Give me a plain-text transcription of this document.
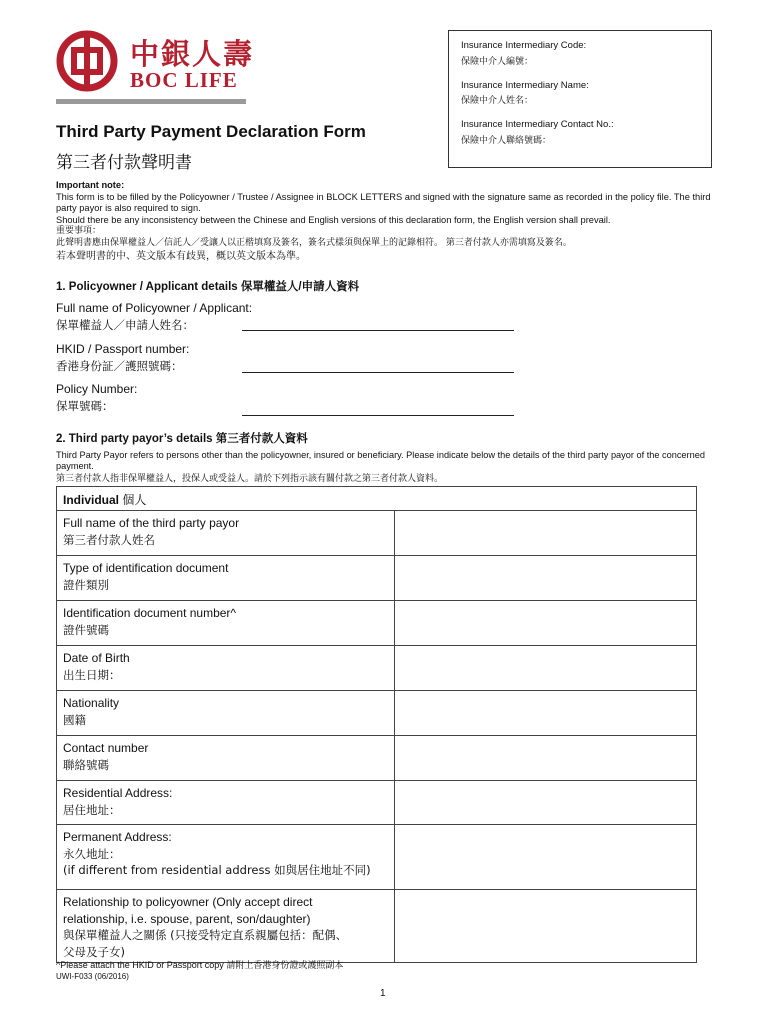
中銀人壽
BOC LIFE
Insurance Intermediary Code:
保險中介人編號：
Insurance Intermediary Name:
保險中介人姓名：
Insurance Intermediary Contact No.:
保險中介人聯絡號碼：
Third Party Payment Declaration Form
第三者付款聲明書
Important note:
This form is to be filled by the Policyowner / Trustee / Assignee in BLOCK LETTERS and signed with the signature same as recorded in the policy file. The third party payor is also required to sign.
Should there be any inconsistency between the Chinese and English versions of this declaration form, the English version shall prevail.
重要事項：
此聲明書應由保單權益人／信託人／受讓人以正楷填寫及簽名，簽名式樣須與保單上的記錄相符。 第三者付款人亦需填寫及簽名。
若本聲明書的中、英文版本有歧異，概以英文版本為準。
1. Policyowner / Applicant details 保單權益人/申請人資料
Full name of Policyowner / Applicant:
保單權益人／申請人姓名：
HKID / Passport number:
香港身份証／護照號碼：
Policy Number:
保單號碼：
2. Third party payor’s details 第三者付款人資料
Third Party Payor refers to persons other than the policyowner, insured or beneficiary. Please indicate below the details of the third party payor of the concerned payment.
第三者付款人指非保單權益人，投保人或受益人。請於下列指示該有關付款之第三者付款人資料。
Individual 個人
Full name of the third party payor
第三者付款人姓名
Type of identification document
證件類別
Identification document number^
證件號碼
Date of Birth
出生日期：
Nationality
國籍
Contact number
聯絡號碼
Residential Address:
居住地址：
Permanent Address:
永久地址：
(if different from residential address 如與居住地址不同)
Relationship to policyowner (Only accept direct
relationship, i.e. spouse, parent, son/daughter)
與保單權益人之關係 (只接受特定直系親屬包括：配偶、
父母及子女)
^Please attach the HKID or Passport copy 請附上香港身份證或護照副本
UWI-F033 (06/2016)
1
